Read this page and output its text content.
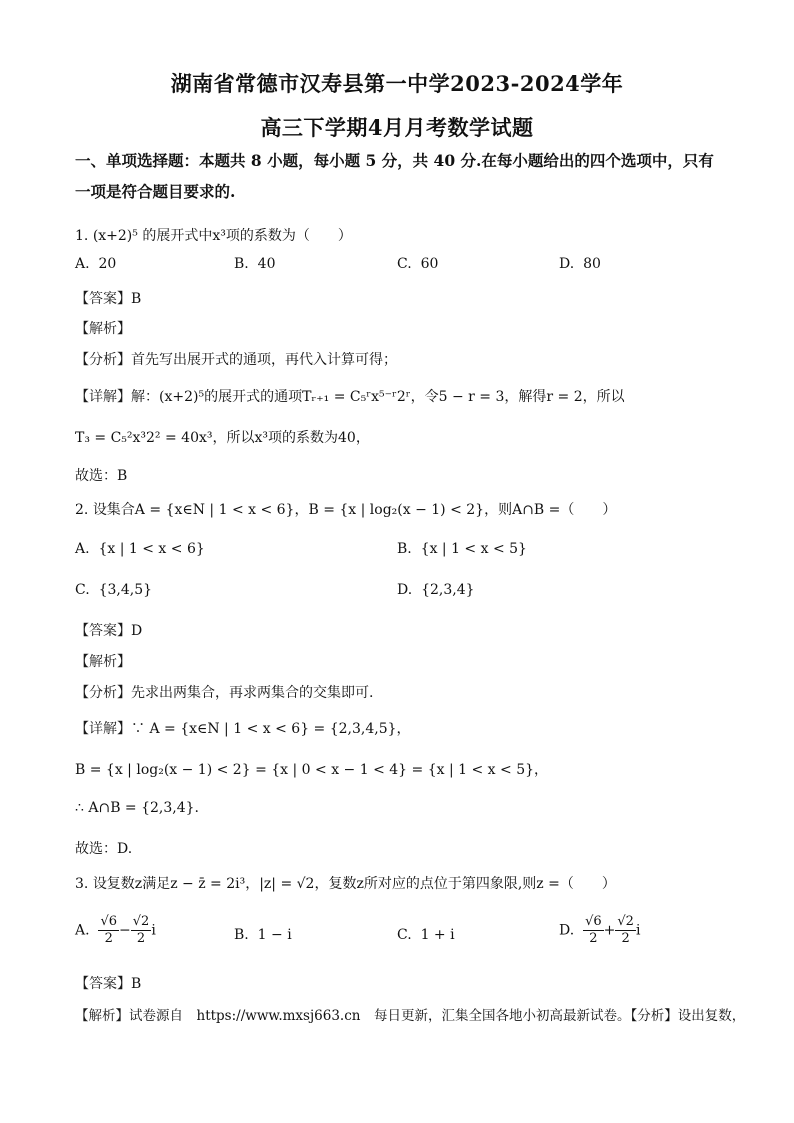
湖南省常德市汉寿县第一中学2023-2024学年
高三下学期4月月考数学试题
一、单项选择题：本题共 8 小题，每小题 5 分，共 40 分.在每小题给出的四个选项中，只有一项是符合题目要求的.
1. (x+2)⁵ 的展开式中x³项的系数为（　　）
A. 20	B. 40	C. 60	D. 80
【答案】B
【解析】
【分析】首先写出展开式的通项，再代入计算可得；
【详解】解：(x+2)⁵的展开式的通项Tᵣ₊₁ = C₅ʳx⁵⁻ʳ2ʳ，令5 − r = 3，解得r = 2，所以
T₃ = C₅²x³2² = 40x³，所以x³项的系数为40，
故选：B
2. 设集合A = {x∈N | 1 < x < 6}，B = {x | log₂(x − 1) < 2}，则A∩B =（　　）
A. {x | 1 < x < 6}	B. {x | 1 < x < 5}
C. {3,4,5}	D. {2,3,4}
【答案】D
【解析】
【分析】先求出两集合，再求两集合的交集即可.
【详解】∵ A = {x∈N | 1 < x < 6} = {2,3,4,5}，
B = {x | log₂(x − 1) < 2} = {x | 0 < x − 1 < 4} = {x | 1 < x < 5}，
∴ A∩B = {2,3,4}.
故选：D.
3. 设复数z满足z − z̄ = 2i³，|z| = √2，复数z所对应的点位于第四象限,则z =（　　）
A. $\frac{√6}{2} - \frac{√2}{2}$ i	B. 1 − i	C. 1 + i	D. $\frac{√6}{2} + \frac{√2}{2}$ i
【答案】B
【解析】试卷源自　https://www.mxsj663.cn　每日更新，汇集全国各地小初高最新试卷。【分析】设出复数，
